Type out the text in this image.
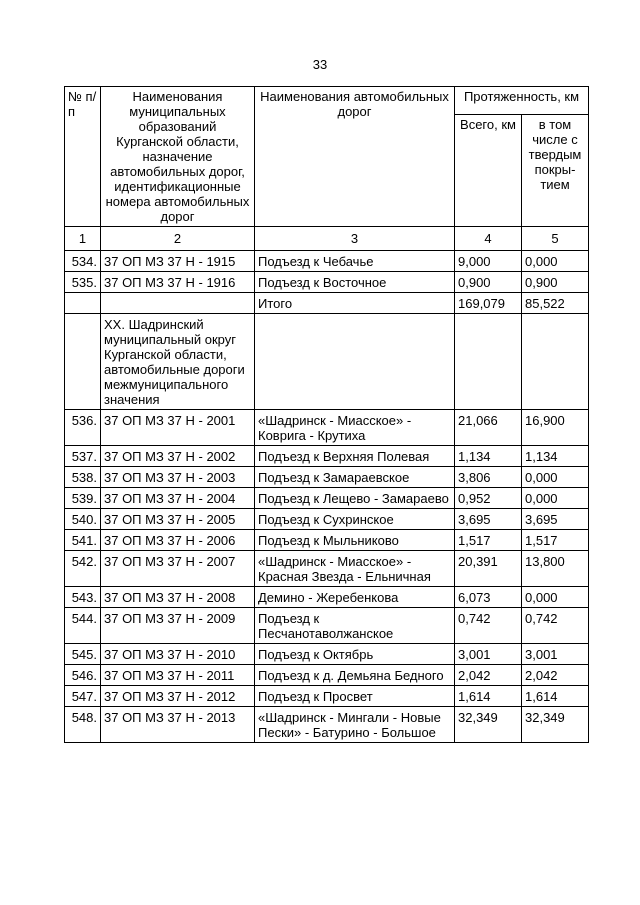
33
№ п/п	Наименования муниципальных образований Курганской области, назначение автомобильных дорог, идентификационные номера автомобильных дорог	Наименования автомобильных дорог	Протяженность, км	
			Всего, км	в том числе с твердым покры-тием
1	2	3	4	5
534.	37 ОП МЗ 37 Н - 1915	Подъезд к Чебачье	9,000	0,000
535.	37 ОП МЗ 37 Н - 1916	Подъезд к Восточное	0,900	0,900
		Итого	169,079	85,522
	XX. Шадринский муниципальный округ Курганской области, автомобильные дороги межмуниципального значения			
536.	37 ОП МЗ 37 Н - 2001	«Шадринск - Миасское» - Коврига - Крутиха	21,066	16,900
537.	37 ОП МЗ 37 Н - 2002	Подъезд к Верхняя Полевая	1,134	1,134
538.	37 ОП МЗ 37 Н - 2003	Подъезд к Замараевское	3,806	0,000
539.	37 ОП МЗ 37 Н - 2004	Подъезд к Лещево - Замараево	0,952	0,000
540.	37 ОП МЗ 37 Н - 2005	Подъезд к Сухринское	3,695	3,695
541.	37 ОП МЗ 37 Н - 2006	Подъезд к Мыльниково	1,517	1,517
542.	37 ОП МЗ 37 Н - 2007	«Шадринск - Миасское» - Красная Звезда - Ельничная	20,391	13,800
543.	37 ОП МЗ 37 Н - 2008	Демино - Жеребенкова	6,073	0,000
544.	37 ОП МЗ 37 Н - 2009	Подъезд к Песчанотаволжанское	0,742	0,742
545.	37 ОП МЗ 37 Н - 2010	Подъезд к Октябрь	3,001	3,001
546.	37 ОП МЗ 37 Н - 2011	Подъезд к д. Демьяна Бедного	2,042	2,042
547.	37 ОП МЗ 37 Н - 2012	Подъезд к Просвет	1,614	1,614
548.	37 ОП МЗ 37 Н - 2013	«Шадринск - Мингали - Новые Пески» - Батурино - Большое	32,349	32,349
